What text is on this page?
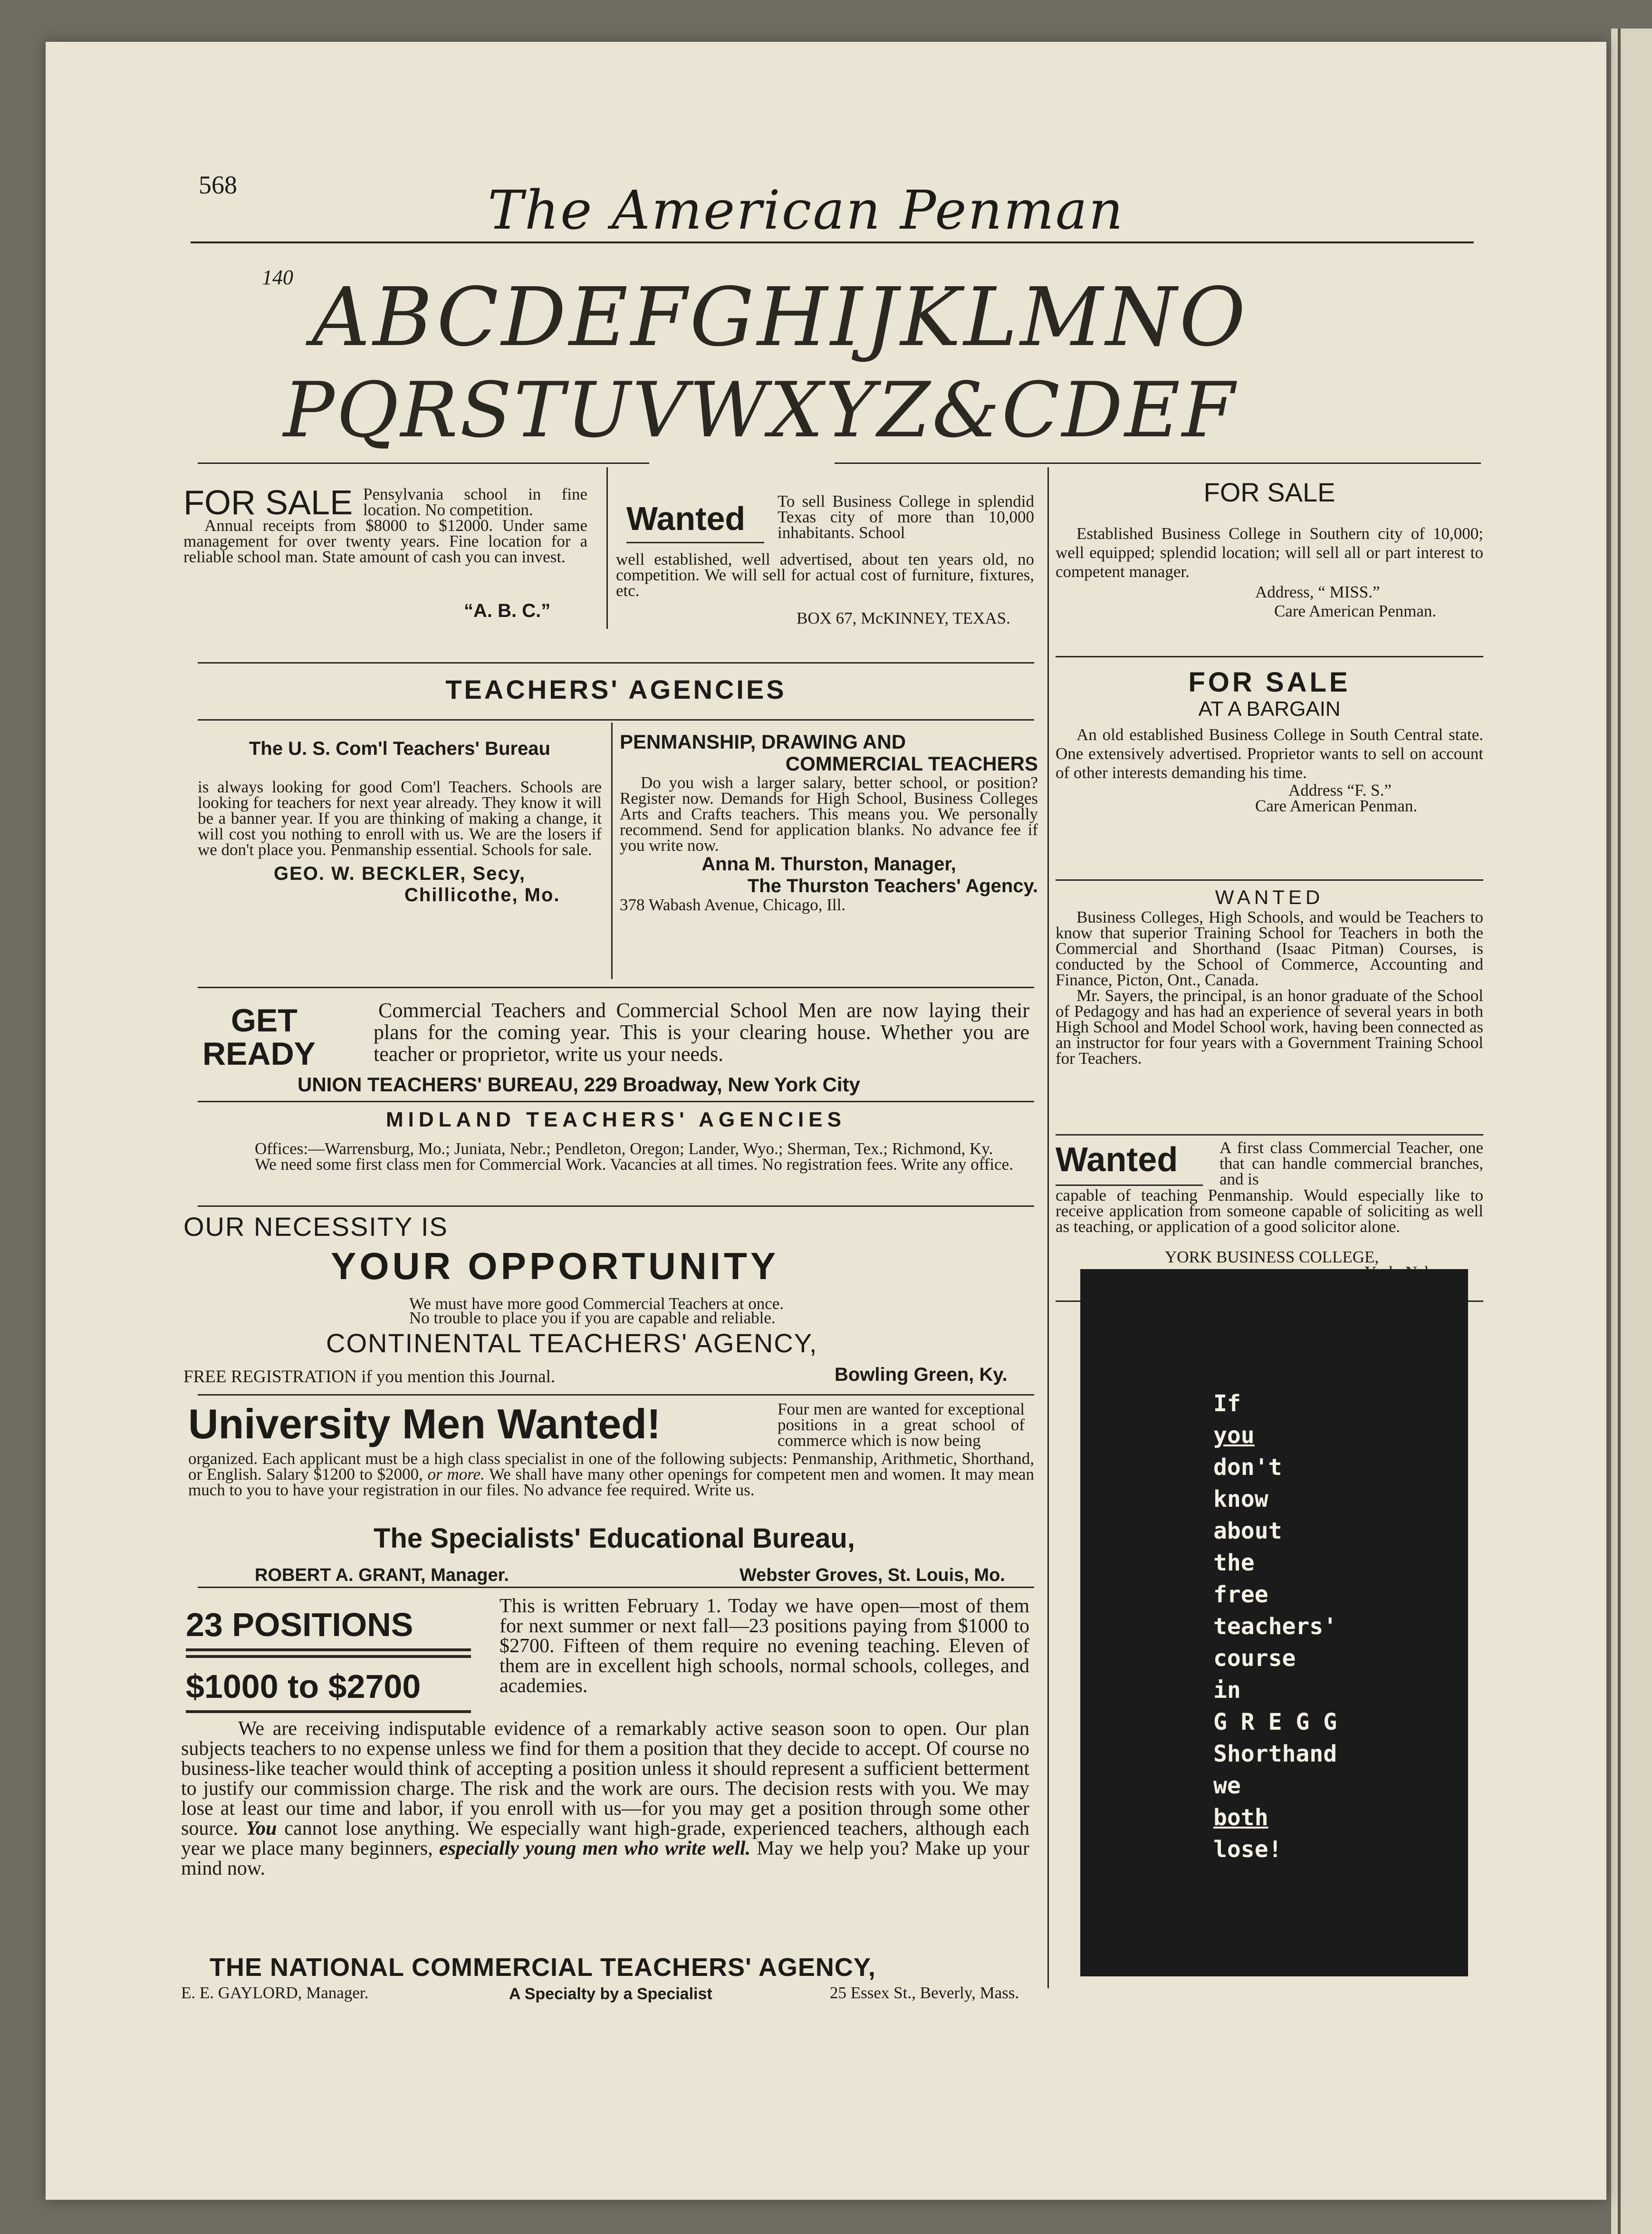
568	The American Penman
140 ABCDEFGHIJKLMNO
PQRSTUVWXYZ&CDEF
FOR SALE Pensylvania school in fine location. No competition.
Annual receipts from $8000 to $12000. Under same management for over twenty years. Fine location for a reliable school man. State amount of cash you can invest.
“A. B. C.”
Wanted To sell Business College in splendid Texas city of more than 10,000 inhabitants. School
well established, well advertised, about ten years old, no competition. We will sell for actual cost of furniture, fixtures, etc.
BOX 67, McKINNEY, TEXAS.
FOR SALE
Established Business College in Southern city of 10,000; well equipped; splendid location; will sell all or part interest to competent manager.
Address, “ MISS.”
Care American Penman.
TEACHERS' AGENCIES
The U. S. Com'l Teachers' Bureau
is always looking for good Com'l Teachers. Schools are looking for teachers for next year already. They know it will be a banner year. If you are thinking of making a change, it will cost you nothing to enroll with us. We are the losers if we don't place you. Penmanship essential. Schools for sale.
GEO. W. BECKLER, Secy,
Chillicothe, Mo.
PENMANSHIP, DRAWING AND
COMMERCIAL TEACHERS
Do you wish a larger salary, better school, or position? Register now. Demands for High School, Business Colleges Arts and Crafts teachers. This means you. We personally recommend. Send for application blanks. No advance fee if you write now.
Anna M. Thurston, Manager,
The Thurston Teachers' Agency.
378 Wabash Avenue, Chicago, Ill.
GET
READY
Commercial Teachers and Commercial School Men are now laying their plans for the coming year. This is your clearing house. Whether you are teacher or proprietor, write us your needs.
UNION TEACHERS' BUREAU, 229 Broadway, New York City
MIDLAND TEACHERS' AGENCIES
Offices:—Warrensburg, Mo.; Juniata, Nebr.; Pendleton, Oregon; Lander, Wyo.; Sherman, Tex.; Richmond, Ky.
We need some first class men for Commercial Work. Vacancies at all times. No registration fees. Write any office.
OUR NECESSITY IS
YOUR OPPORTUNITY
We must have more good Commercial Teachers at once.
No trouble to place you if you are capable and reliable.
CONTINENTAL TEACHERS' AGENCY,
FREE REGISTRATION if you mention this Journal.	Bowling Green, Ky.
University Men Wanted!	Four men are wanted for exceptional positions in a great school of commerce which is now being
organized. Each applicant must be a high class specialist in one of the following subjects: Penmanship, Arithmetic, Shorthand, or English. Salary $1200 to $2000, or more. We shall have many other openings for competent men and women. It may mean much to you to have your registration in our files. No advance fee required. Write us.
The Specialists' Educational Bureau,
ROBERT A. GRANT, Manager.	Webster Groves, St. Louis, Mo.
23 POSITIONS
$1000 to $2700
This is written February 1. Today we have open—most of them for next summer or next fall—23 positions paying from $1000 to $2700. Fifteen of them require no evening teaching. Eleven of them are in excellent high schools, normal schools, colleges, and academies.
We are receiving indisputable evidence of a remarkably active season soon to open. Our plan subjects teachers to no expense unless we find for them a position that they decide to accept. Of course no business-like teacher would think of accepting a position unless it should represent a sufficient betterment to justify our commission charge. The risk and the work are ours. The decision rests with you. We may lose at least our time and labor, if you enroll with us—for you may get a position through some other source. You cannot lose anything. We especially want high-grade, experienced teachers, although each year we place many beginners, especially young men who write well. May we help you? Make up your mind now.
THE NATIONAL COMMERCIAL TEACHERS' AGENCY,
E. E. GAYLORD, Manager.	A Specialty by a Specialist	25 Essex St., Beverly, Mass.
FOR SALE
AT A BARGAIN
An old established Business College in South Central state. One extensively advertised. Proprietor wants to sell on account of other interests demanding his time.
Address “F. S.”
Care American Penman.
WANTED
Business Colleges, High Schools, and would be Teachers to know that superior Training School for Teachers in both the Commercial and Shorthand (Isaac Pitman) Courses, is conducted by the School of Commerce, Accounting and Finance, Picton, Ont., Canada.
Mr. Sayers, the principal, is an honor graduate of the School of Pedagogy and has had an experience of several years in both High School and Model School work, having been connected as an instructor for four years with a Government Training School for Teachers.
Wanted	A first class Commercial Teacher, one that can handle commercial branches, and is
capable of teaching Penmanship. Would especially like to receive application from someone capable of soliciting as well as teaching, or application of a good solicitor alone.
YORK BUSINESS COLLEGE,
If
you
don't
know
about
the
free
teachers'
course
in
G R E G G
Shorthand
we
both
lose!
